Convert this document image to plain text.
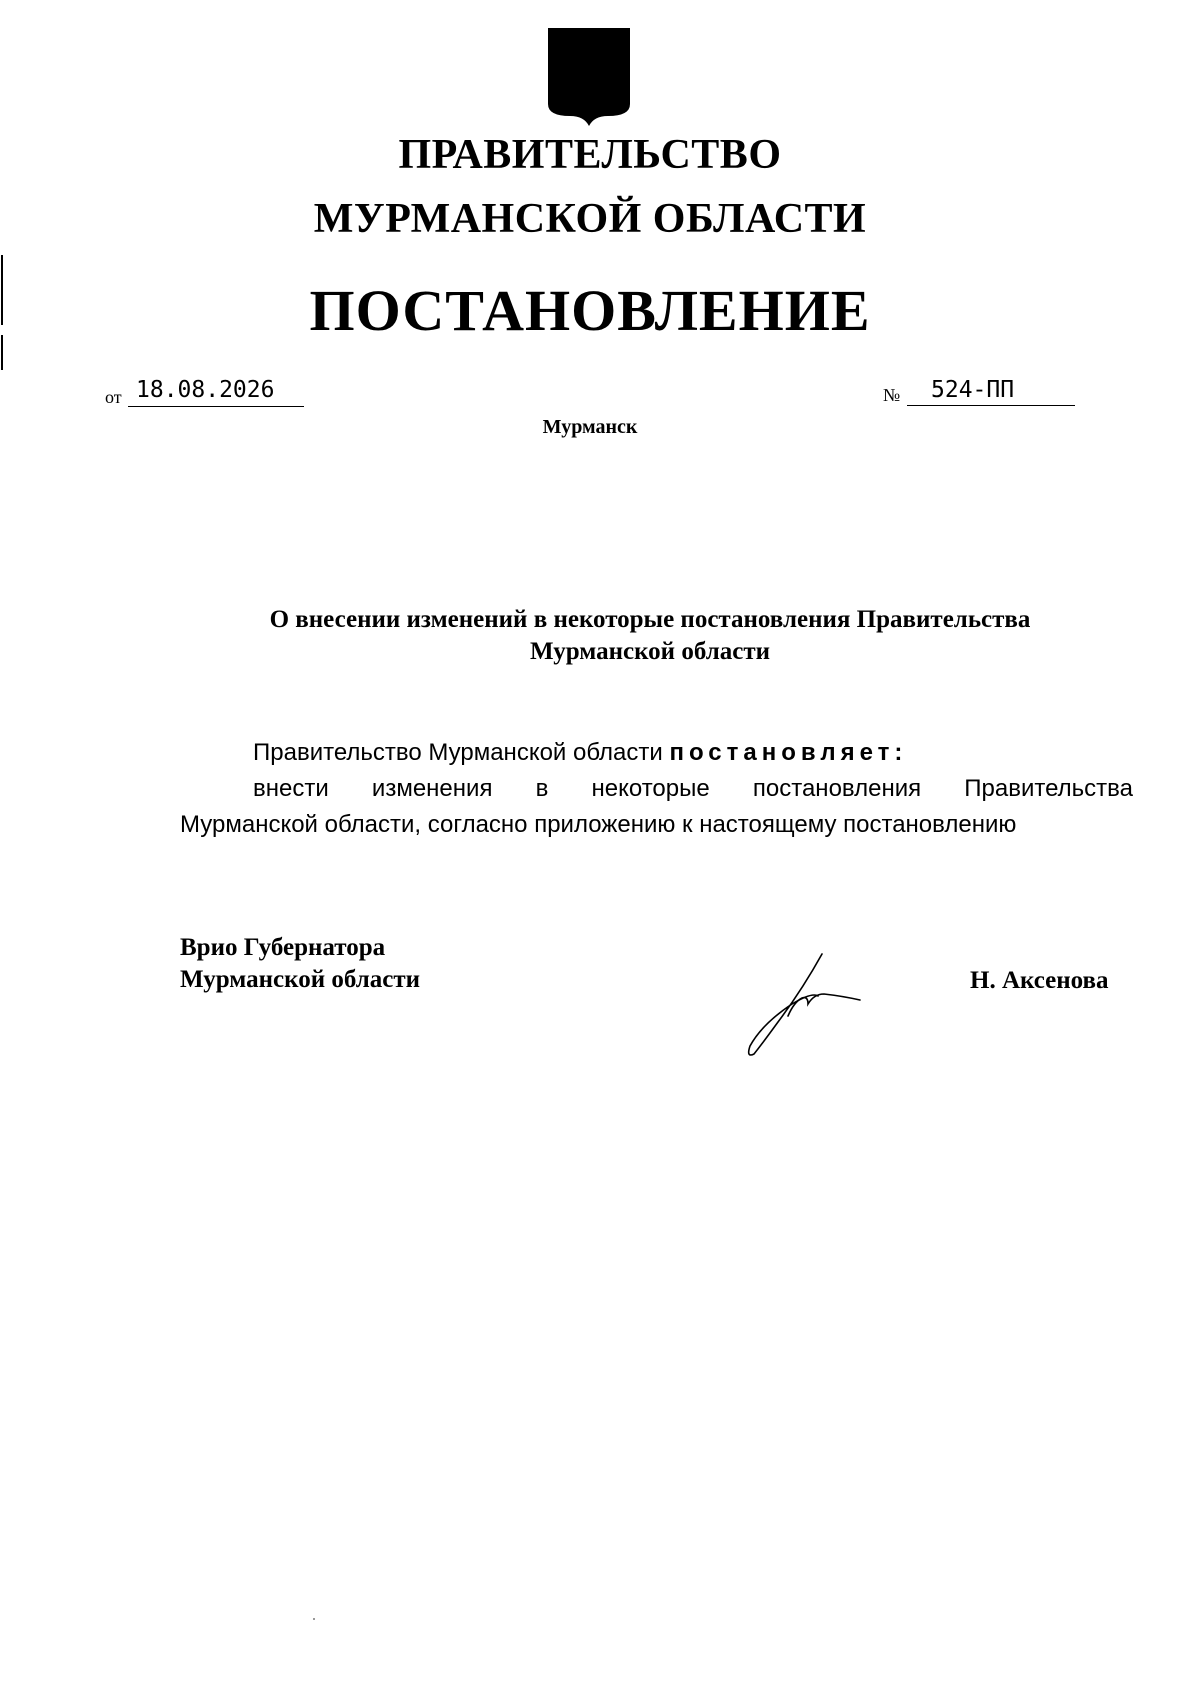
ПРАВИТЕЛЬСТВО
МУРМАНСКОЙ ОБЛАСТИ
ПОСТАНОВЛЕНИЕ
от 18.08.2026	№	524-ПП
Мурманск
О внесении изменений в некоторые постановления Правительства
Мурманской области

Правительство Мурманской области постановляет:

внести изменения в некоторые постановления Правительства

Мурманской области, согласно приложению к настоящему постановлению

Врио Губернатора
Мурманской области	Н. Аксенова
